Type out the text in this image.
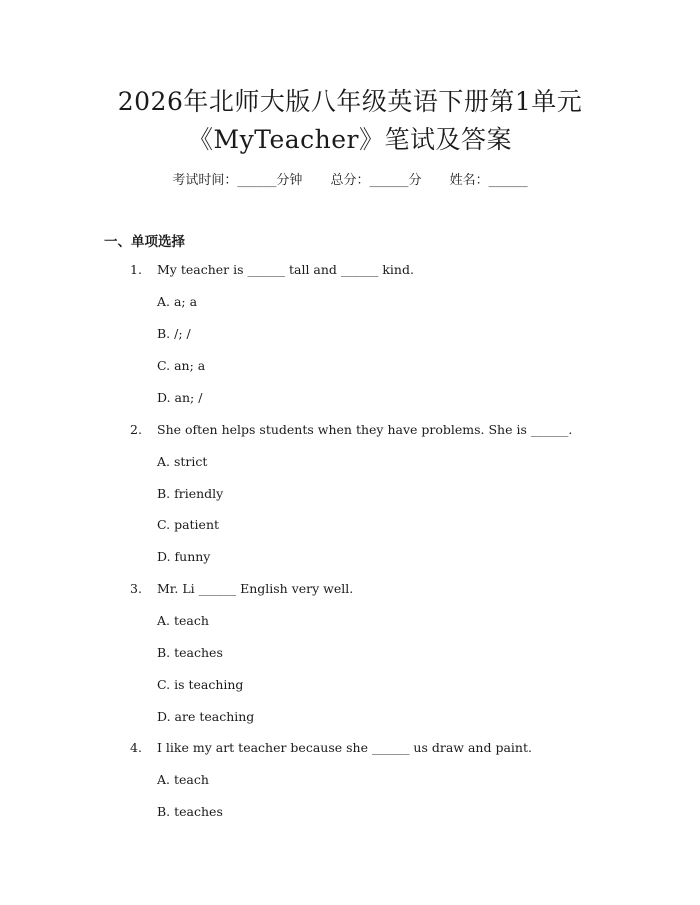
2026年北师大版八年级英语下册第1单元
《MyTeacher》笔试及答案
考试时间：______分钟 总分：______分 姓名：______
一、单项选择
1. My teacher is ______ tall and ______ kind.
A. a; a
B. /; /
C. an; a
D. an; /
2. She often helps students when they have problems. She is ______.
A. strict
B. friendly
C. patient
D. funny
3. Mr. Li ______ English very well.
A. teach
B. teaches
C. is teaching
D. are teaching
4. I like my art teacher because she ______ us draw and paint.
A. teach
B. teaches
